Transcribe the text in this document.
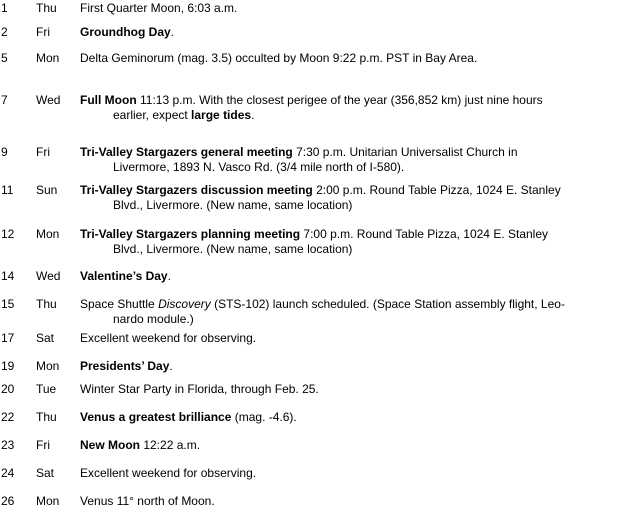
1	Thu	First Quarter Moon, 6:03 a.m.
2	Fri	Groundhog Day.
5	Mon	Delta Geminorum (mag. 3.5) occulted by Moon 9:22 p.m. PST in Bay Area.
7	Wed	Full Moon 11:13 p.m. With the closest perigee of the year (356,852 km) just nine hours
earlier, expect large tides.
9	Fri	Tri-Valley Stargazers general meeting 7:30 p.m. Unitarian Universalist Church in
Livermore, 1893 N. Vasco Rd. (3/4 mile north of I-580).
11	Sun	Tri-Valley Stargazers discussion meeting 2:00 p.m. Round Table Pizza, 1024 E. Stanley
Blvd., Livermore. (New name, same location)
12	Mon	Tri-Valley Stargazers planning meeting 7:00 p.m. Round Table Pizza, 1024 E. Stanley
Blvd., Livermore. (New name, same location)
14	Wed	Valentine’s Day.
15	Thu	Space Shuttle Discovery (STS-102) launch scheduled. (Space Station assembly flight, Leo-
nardo module.)
17	Sat	Excellent weekend for observing.
19	Mon	Presidents’ Day.
20	Tue	Winter Star Party in Florida, through Feb. 25.
22	Thu	Venus a greatest brilliance (mag. -4.6).
23	Fri	New Moon 12:22 a.m.
24	Sat	Excellent weekend for observing.
26	Mon	Venus 11° north of Moon.
